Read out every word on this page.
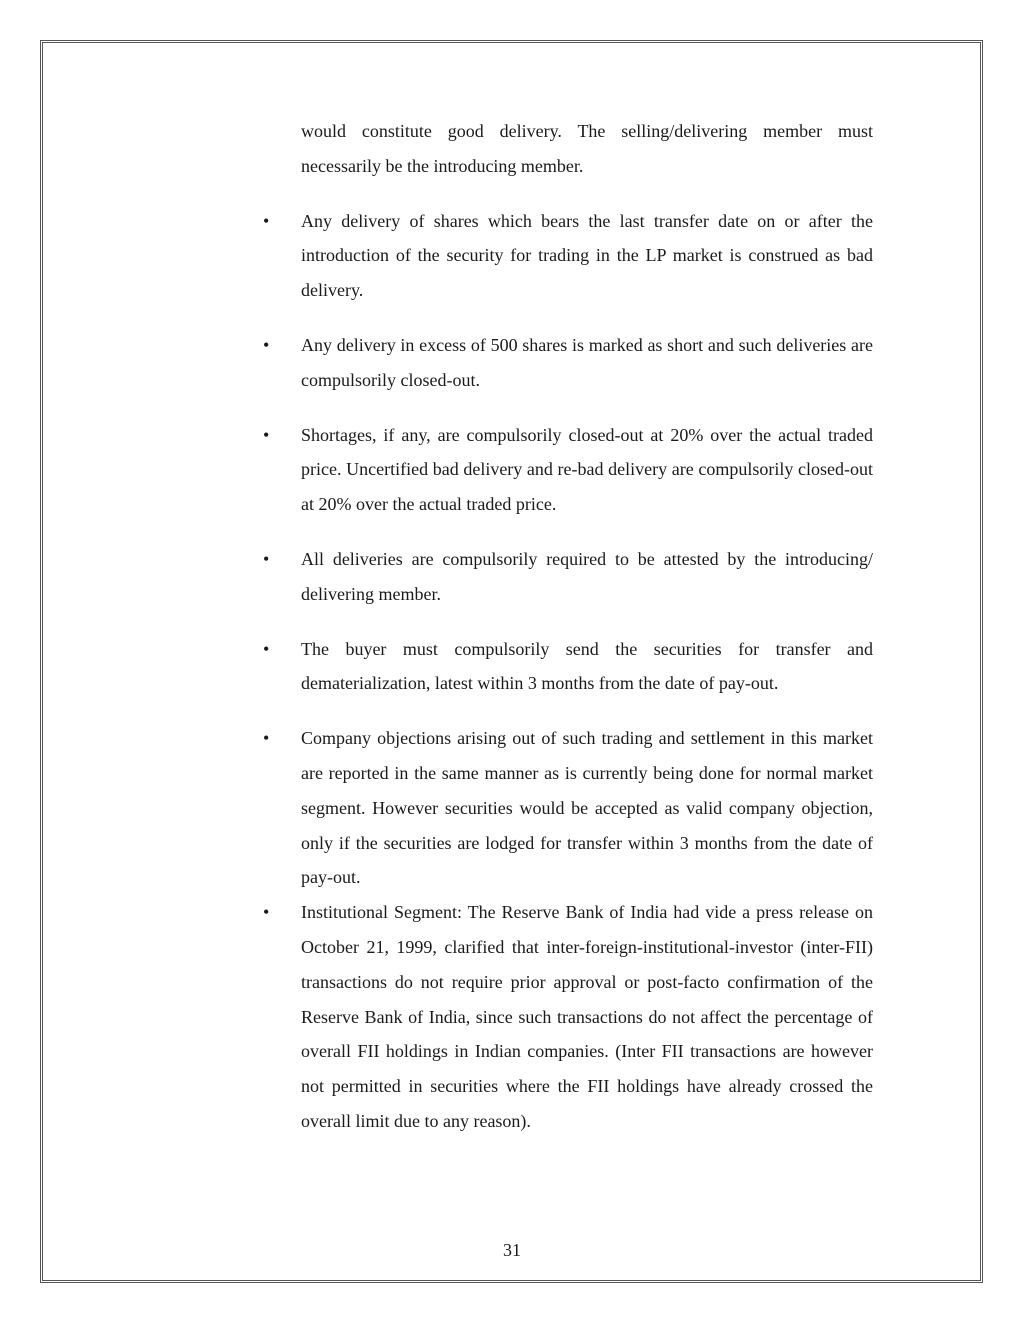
would constitute good delivery. The selling/delivering member must necessarily be the introducing member.

• Any delivery of shares which bears the last transfer date on or after the introduction of the security for trading in the LP market is construed as bad delivery.
• Any delivery in excess of 500 shares is marked as short and such deliveries are compulsorily closed-out.
• Shortages, if any, are compulsorily closed-out at 20% over the actual traded price. Uncertified bad delivery and re-bad delivery are compulsorily closed-out at 20% over the actual traded price.
• All deliveries are compulsorily required to be attested by the introducing/ delivering member.
• The buyer must compulsorily send the securities for transfer and dematerialization, latest within 3 months from the date of pay-out.
• Company objections arising out of such trading and settlement in this market are reported in the same manner as is currently being done for normal market segment. However securities would be accepted as valid company objection, only if the securities are lodged for transfer within 3 months from the date of pay-out.
• Institutional Segment: The Reserve Bank of India had vide a press release on October 21, 1999, clarified that inter-foreign-institutional-investor (inter-FII) transactions do not require prior approval or post-facto confirmation of the Reserve Bank of India, since such transactions do not affect the percentage of overall FII holdings in Indian companies. (Inter FII transactions are however not permitted in securities where the FII holdings have already crossed the overall limit due to any reason).
31
